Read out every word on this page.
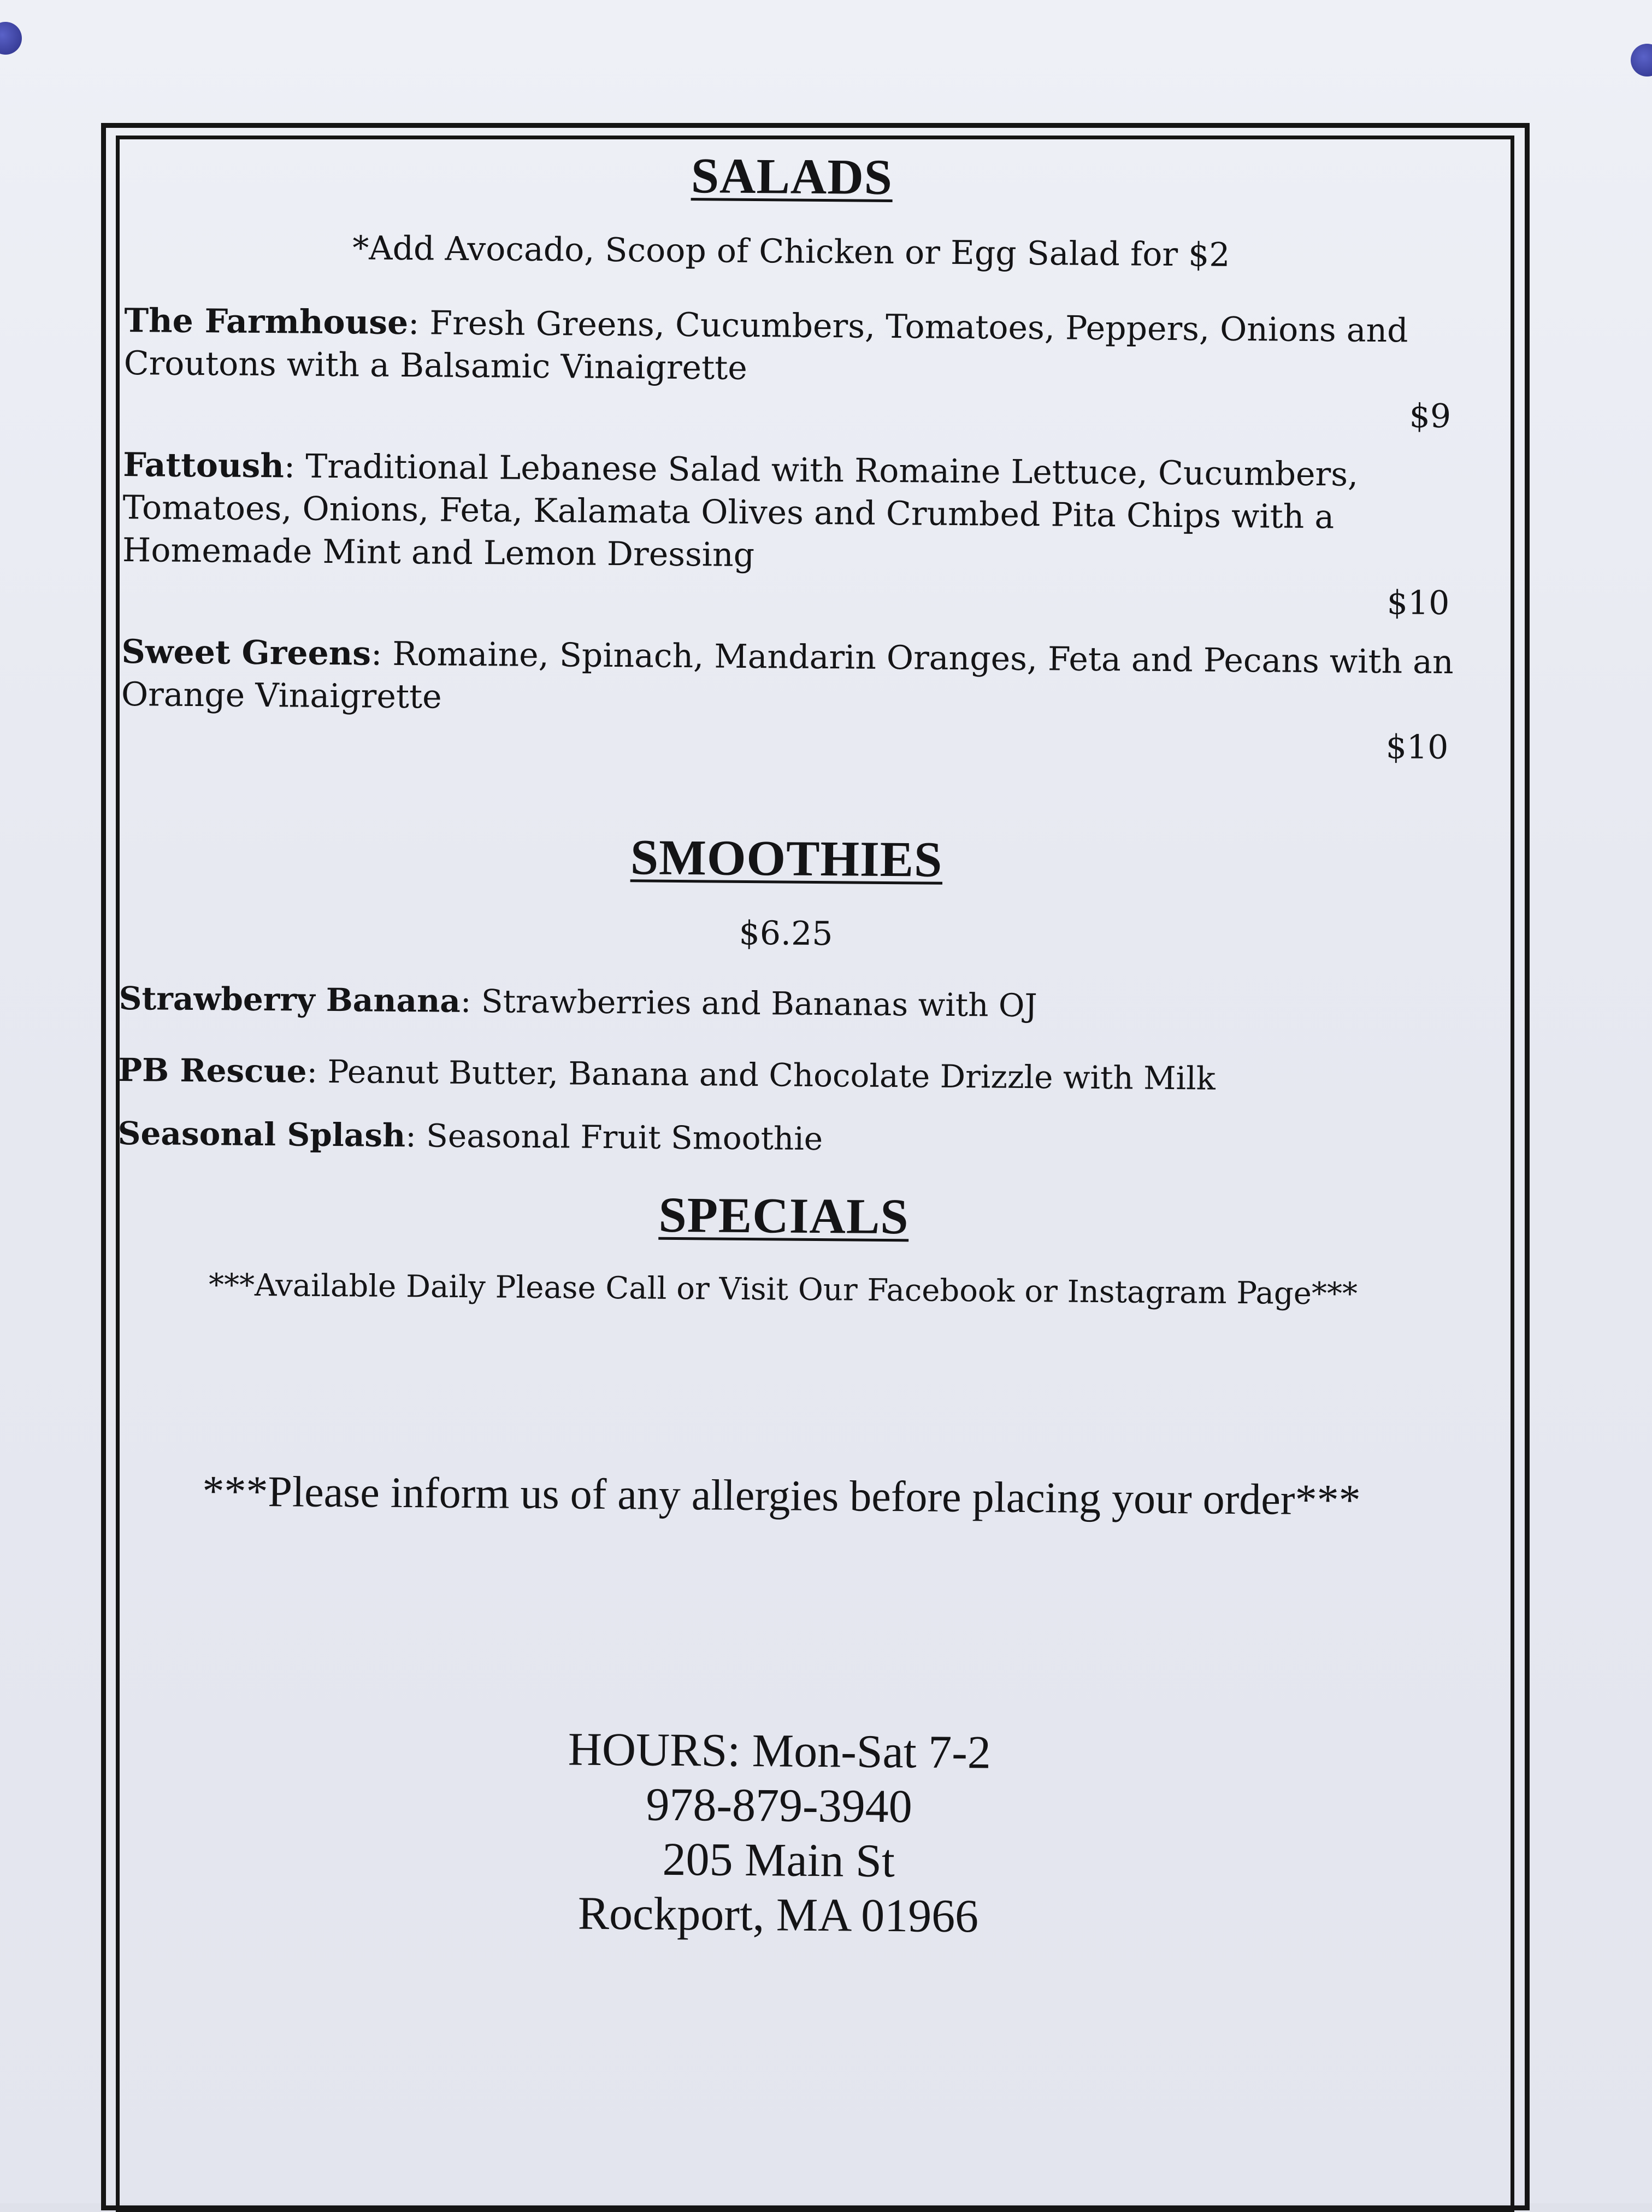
SALADS

*Add Avocado, Scoop of Chicken or Egg Salad for $2

The Farmhouse: Fresh Greens, Cucumbers, Tomatoes, Peppers, Onions and Croutons with a Balsamic Vinaigrette
$9
Fattoush: Traditional Lebanese Salad with Romaine Lettuce, Cucumbers, Tomatoes, Onions, Feta, Kalamata Olives and Crumbed Pita Chips with a Homemade Mint and Lemon Dressing
$10
Sweet Greens: Romaine, Spinach, Mandarin Oranges, Feta and Pecans with an Orange Vinaigrette
$10
SMOOTHIES

$6.25

Strawberry Banana: Strawberries and Bananas with OJ
PB Rescue: Peanut Butter, Banana and Chocolate Drizzle with Milk
Seasonal Splash: Seasonal Fruit Smoothie
SPECIALS

***Available Daily Please Call or Visit Our Facebook or Instagram Page***

***Please inform us of any allergies before placing your order***

HOURS: Mon-Sat 7-2
978-879-3940
205 Main St
Rockport, MA 01966
